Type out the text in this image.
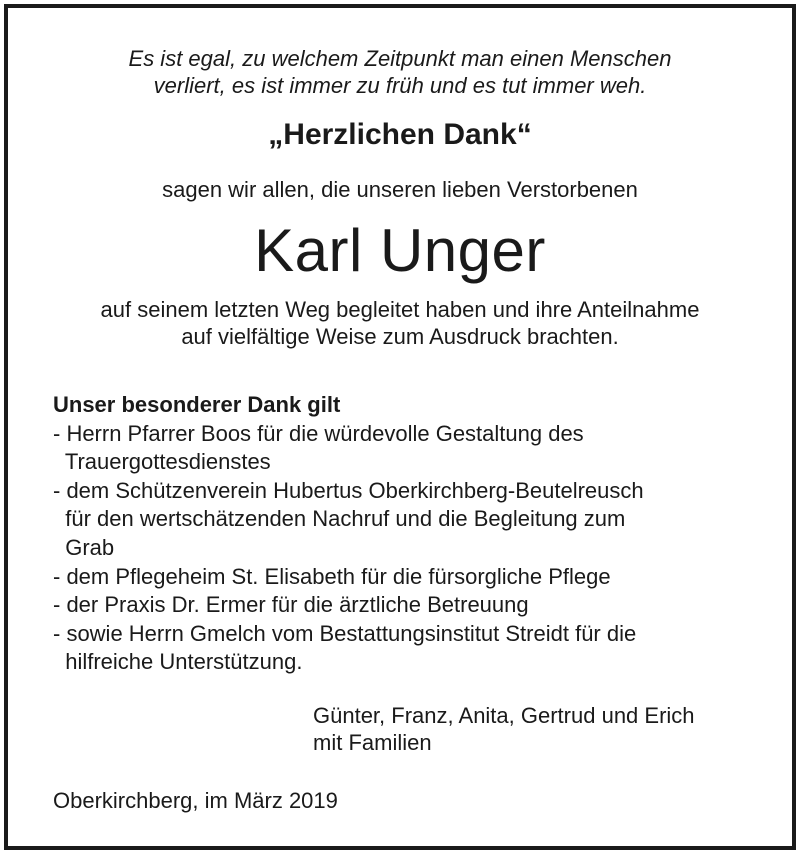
Es ist egal, zu welchem Zeitpunkt man einen Menschen
verliert, es ist immer zu früh und es tut immer weh.
„Herzlichen Dank“
sagen wir allen, die unseren lieben Verstorbenen
Karl Unger
auf seinem letzten Weg begleitet haben und ihre Anteilnahme
auf vielfältige Weise zum Ausdruck brachten.
Unser besonderer Dank gilt
- Herrn Pfarrer Boos für die würdevolle Gestaltung des
Trauergottesdienstes
- dem Schützenverein Hubertus Oberkirchberg-Beutelreusch
für den wertschätzenden Nachruf und die Begleitung zum
Grab
- dem Pflegeheim St. Elisabeth für die fürsorgliche Pflege
- der Praxis Dr. Ermer für die ärztliche Betreuung
- sowie Herrn Gmelch vom Bestattungsinstitut Streidt für die
hilfreiche Unterstützung.
Günter, Franz, Anita, Gertrud und Erich
mit Familien
Oberkirchberg, im März 2019
